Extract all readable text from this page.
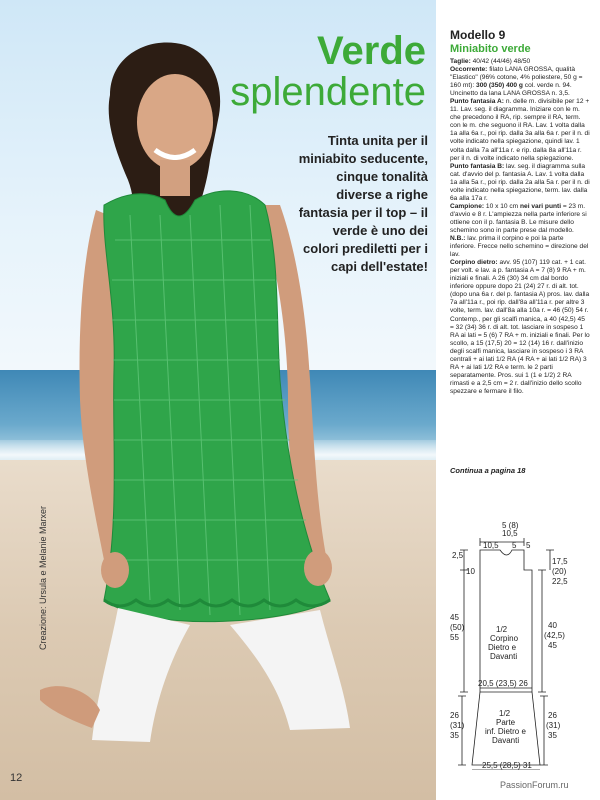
Verde
splendente
Tinta unita per il miniabito seducente, cinque tonalità diverse a righe fantasia per il top – il verde è uno dei colori prediletti per i capi dell'estate!
Creazione: Ursula e Melanie Marxer
12
Modello 9
Miniabito verde
Taglie: 40/42 (44/46) 48/50
Occorrente: filato LANA GROSSA, qualità "Elastico" (96% cotone, 4% poliestere, 50 g = 160 mt): 300 (350) 400 g col. verde n. 94. Uncinetto da lana LANA GROSSA n. 3,5.
Punto fantasia A: n. delle m. divisibile per 12 + 11. Lav. seg. il diagramma. Iniziare con le m. che precedono il RA, rip. sempre il RA, term. con le m. che seguono il RA. Lav. 1 volta dalla 1a alla 6a r., poi rip. dalla 3a alla 6a r. per il n. di volte indicato nella spiegazione, quindi lav. 1 volta dalla 7a all'11a r. e rip. dalla 8a all'11a r. per il n. di volte indicato nella spiegazione.
Punto fantasia B: lav. seg. il diagramma sulla cat. d'avvio del p. fantasia A. Lav. 1 volta dalla 1a alla 5a r., poi rip. dalla 2a alla 5a r. per il n. di volte indicato nella spiegazione, term. lav. dalla 6a alla 17a r.
Campione: 10 x 10 cm nei vari punti = 23 m. d'avvio e 8 r. L'ampiezza nella parte inferiore si ottiene con il p. fantasia B. Le misure dello schemino sono in parte prese dal modello.
N.B.: lav. prima il corpino e poi la parte inferiore. Frecce nello schemino = direzione del lav.
Corpino dietro: avv. 95 (107) 119 cat. + 1 cat. per volt. e lav. a p. fantasia A = 7 (8) 9 RA + m. iniziali e finali. A 26 (30) 34 cm dal bordo inferiore oppure dopo 21 (24) 27 r. di alt. tot. (dopo una 6a r. del p. fantasia A) pros. lav. dalla 7a all'11a r., poi rip. dall'8a all'11a r. per altre 3 volte, term. lav. dall'8a alla 10a r. = 46 (50) 54 r. Contemp., per gli scalfi manica, a 40 (42,5) 45 = 32 (34) 36 r. di alt. tot. lasciare in sospeso 1 RA ai lati = 5 (6) 7 RA + m. iniziali e finali. Per lo scollo, a 15 (17,5) 20 = 12 (14) 16 r. dall'inizio degli scalfi manica, lasciare in sospeso i 3 RA centrali + ai lati 1/2 RA (4 RA + ai lati 1/2 RA) 3 RA + ai lati 1/2 RA e term. le 2 parti separatamente. Pros. sui 1 (1 e 1/2) 2 RA rimasti e a 2,5 cm = 2 r. dall'inizio dello scollo spezzare e fermare il filo.
Continua a pagina 18
5 (8)
10,5
10,5 5 5
2,5
10
17,5
(20)
22,5
45
(50)
55
40
(42,5)
45
1/2
Corpino
Dietro e
Davanti
20,5 (23,5) 26
26
(31)
35
1/2
Parte
inf. Dietro e
Davanti
26
(31)
35
25,5 (28,5) 31
PassionForum.ru
